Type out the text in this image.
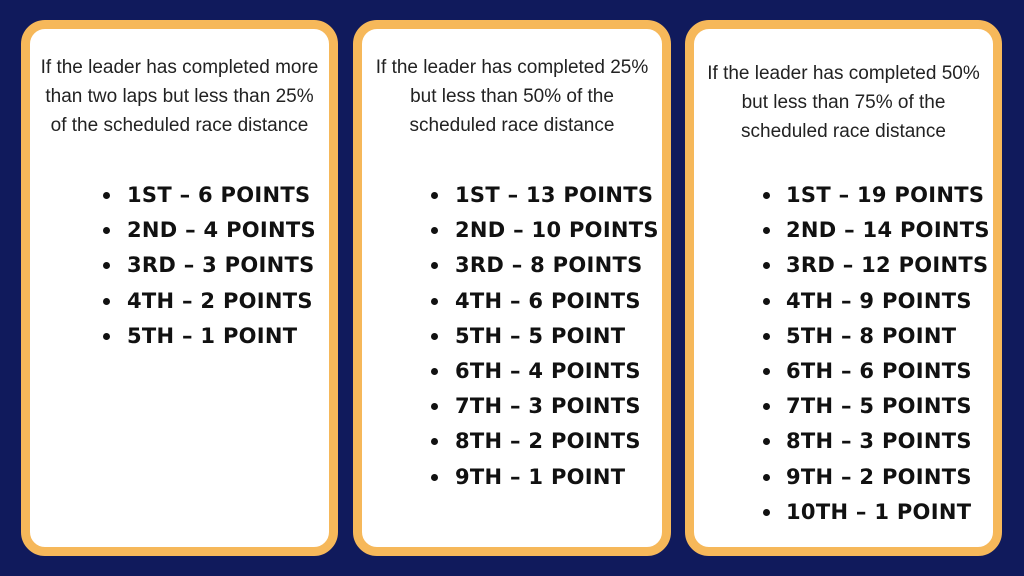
If the leader has completed more than two laps but less than 25% of the scheduled race distance

1ST – 6 POINTS
2ND – 4 POINTS
3RD – 3 POINTS
4TH – 2 POINTS
5TH – 1 POINT

If the leader has completed 25% but less than 50% of the scheduled race distance

1ST – 13 POINTS
2ND – 10 POINTS
3RD – 8 POINTS
4TH – 6 POINTS
5TH – 5 POINT
6TH – 4 POINTS
7TH – 3 POINTS
8TH – 2 POINTS
9TH – 1 POINT

If the leader has completed 50% but less than 75% of the scheduled race distance

1ST – 19 POINTS
2ND – 14 POINTS
3RD – 12 POINTS
4TH – 9 POINTS
5TH – 8 POINT
6TH – 6 POINTS
7TH – 5 POINTS
8TH – 3 POINTS
9TH – 2 POINTS
10TH – 1 POINT
